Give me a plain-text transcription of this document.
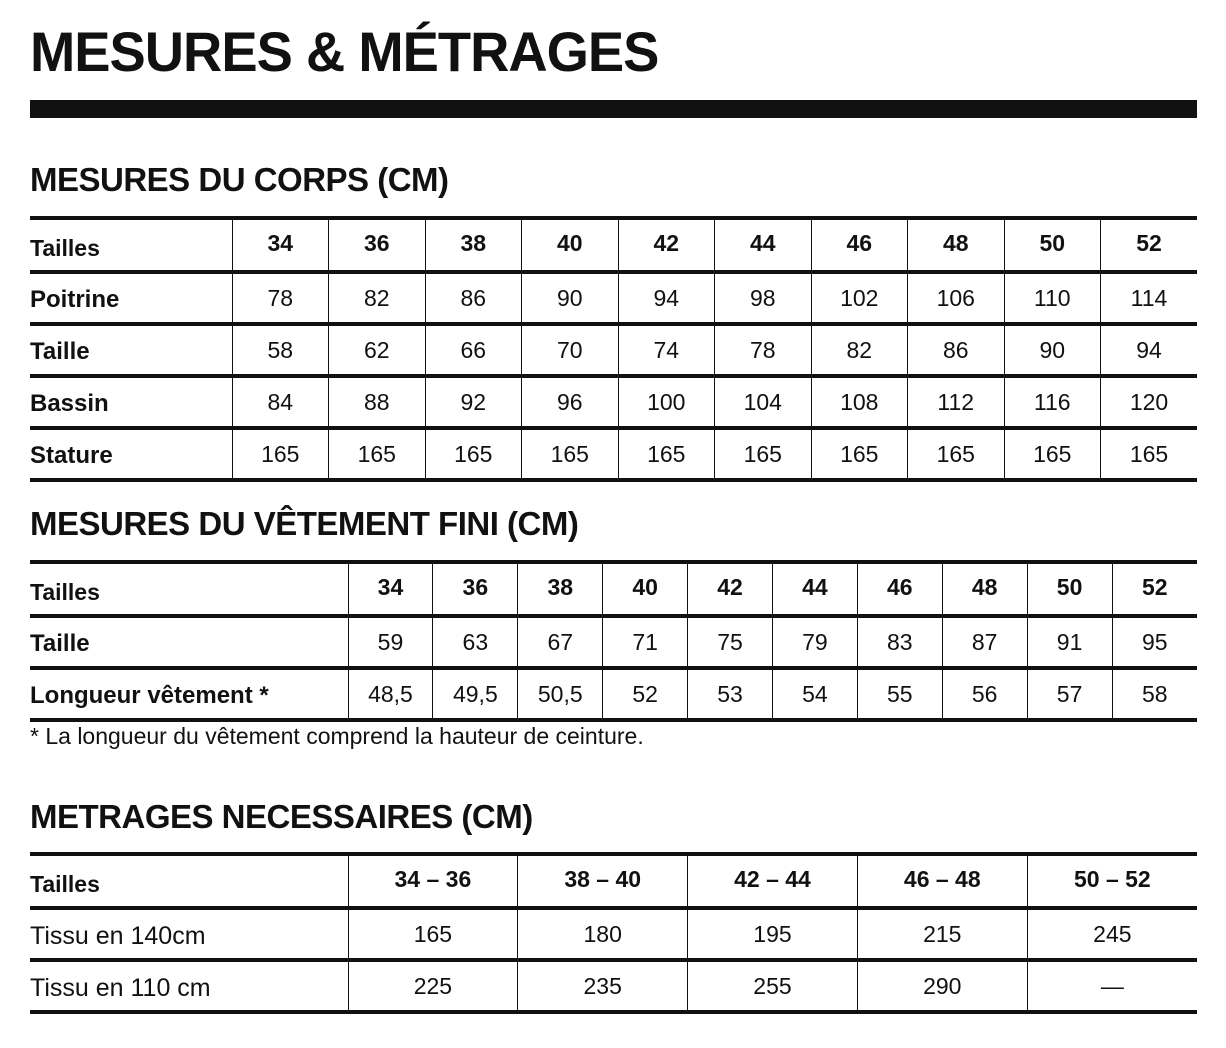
MESURES & MÉTRAGES
MESURES DU CORPS (CM)
Tailles	34	36	38	40	42	44	46	48	50	52
Poitrine	78	82	86	90	94	98	102	106	110	114
Taille	58	62	66	70	74	78	82	86	90	94
Bassin	84	88	92	96	100	104	108	112	116	120
Stature	165	165	165	165	165	165	165	165	165	165
MESURES DU VÊTEMENT FINI (CM)
Tailles	34	36	38	40	42	44	46	48	50	52
Taille	59	63	67	71	75	79	83	87	91	95
Longueur vêtement *	48,5	49,5	50,5	52	53	54	55	56	57	58

* La longueur du vêtement comprend la hauteur de ceinture.

METRAGES NECESSAIRES (CM)
Tailles	34 – 36	38 – 40	42 – 44	46 – 48	50 – 52
Tissu en 140cm	165	180	195	215	245
Tissu en 110 cm	225	235	255	290	—
